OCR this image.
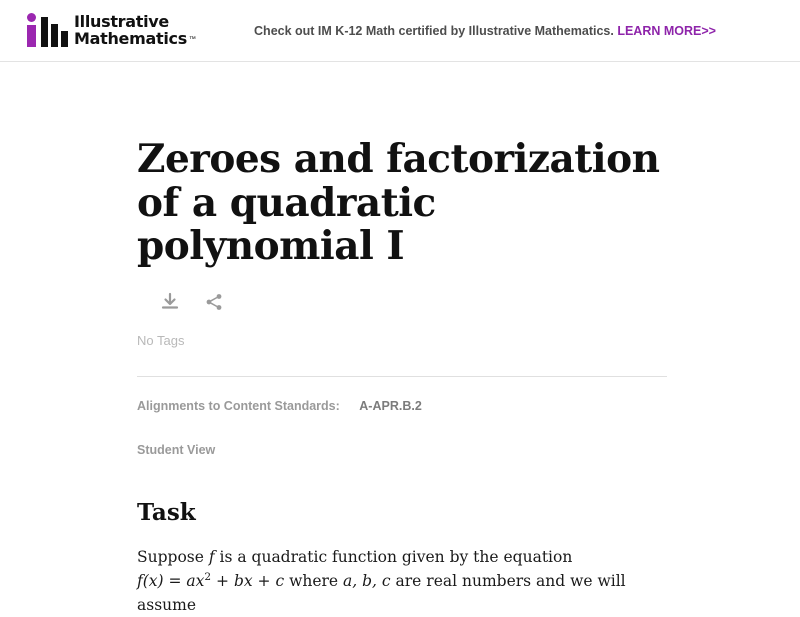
Illustrative
Mathematics ™
Check out IM K-12 Math certified by Illustrative Mathematics. LEARN MORE>>
Zeroes and factorization of a quadratic polynomial I
No Tags
Alignments to Content Standards: A-APR.B.2
Student View
Task
Suppose f is a quadratic function given by the equation
$f(x) = ax^2$ + bx + c where a, b, c are real numbers and we will assume
